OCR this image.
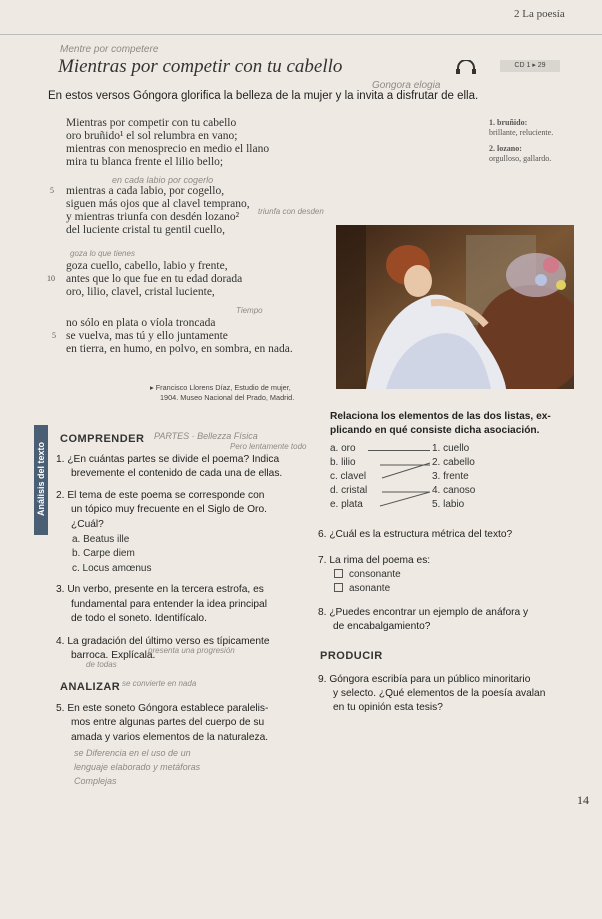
2 La poesía
Mentre por competere
Mientras por competir con tu cabello	CD 1 ▸ 29
Gongora elogia
En estos versos Góngora glorifica la belleza de la mujer y la invita a disfrutar de ella.
Mientras por competir con tu cabello
oro bruñido¹ el sol relumbra en vano;
mientras con menosprecio en medio el llano
mira tu blanca frente el lilio bello;
1. bruñido:
brillante, reluciente.
2. lozano:
orgulloso, gallardo.
en cada labio por cogerlo
5 mientras a cada labio, por cogello,
siguen más ojos que al clavel temprano,
y mientras triunfa con desdén lozano² triunfa con desden
del luciente cristal tu gentil cuello,
goza lo que tienes
goza cuello, cabello, labio y frente,
10 antes que lo que fue en tu edad dorada
oro, lilio, clavel, cristal luciente,
Tiempo
no sólo en plata o víola troncada
5 se vuelva, mas tú y ello juntamente
en tierra, en humo, en polvo, en sombra, en nada.
▸ Francisco Llorens Díaz, Estudio de mujer,
1904. Museo Nacional del Prado, Madrid.
Análisis del texto
COMPRENDER PARTES · Bellezza Física
Pero lentamente todo
1. ¿En cuántas partes se divide el poema? Indica
brevemente el contenido de cada una de ellas.
2. El tema de este poema se corresponde con
un tópico muy frecuente en el Siglo de Oro.
¿Cuál?
a. Beatus ille
b. Carpe diem
c. Locus amœnus
3. Un verbo, presente en la tercera estrofa, es
fundamental para entender la idea principal
de todo el soneto. Identifícalo.
4. La gradación del último verso es típicamente
barroca. Explícala.
presenta una progresión
de todas
ANALIZAR se convierte en nada
5. En este soneto Góngora establece paralelis-
mos entre algunas partes del cuerpo de su
amada y varios elementos de la naturaleza.
se Diferencia en el uso de un
lenguaje elaborado y metáforas
Complejas
Relaciona los elementos de las dos listas, ex-
plicando en qué consiste dicha asociación.
a. oro
b. lilio
c. clavel
d. cristal
e. plata
1. cuello
2. cabello
3. frente
4. canoso
5. labio
6. ¿Cuál es la estructura métrica del texto?
7. La rima del poema es:
consonante
asonante
8. ¿Puedes encontrar un ejemplo de anáfora y
de encabalgamiento?
PRODUCIR
9. Góngora escribía para un público minoritario
y selecto. ¿Qué elementos de la poesía avalan
en tu opinión esta tesis?
14
